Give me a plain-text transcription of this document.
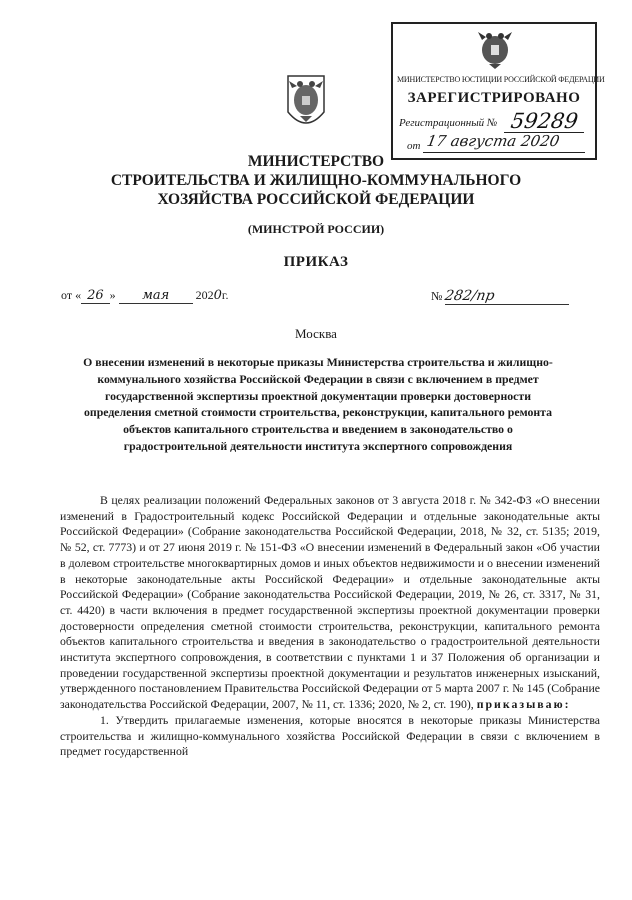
МИНИСТЕРСТВО ЮСТИЦИИ РОССИЙСКОЙ ФЕДЕРАЦИИ
ЗАРЕГИСТРИРОВАНО
Регистрационный № 59289
от 17 августа 2020
МИНИСТЕРСТВО
СТРОИТЕЛЬСТВА И ЖИЛИЩНО-КОММУНАЛЬНОГО
ХОЗЯЙСТВА РОССИЙСКОЙ ФЕДЕРАЦИИ
(МИНСТРОЙ РОССИИ)
ПРИКАЗ
от « 26 » мая 2020г.	№ 282/пр
Москва
О внесении изменений в некоторые приказы Министерства строительства и жилищно-коммунального хозяйства Российской Федерации в связи с включением в предмет государственной экспертизы проектной документации проверки достоверности определения сметной стоимости строительства, реконструкции, капитального ремонта объектов капитального строительства и введением в законодательство о градостроительной деятельности института экспертного сопровождения

В целях реализации положений Федеральных законов от 3 августа 2018 г. № 342-ФЗ «О внесении изменений в Градостроительный кодекс Российской Федерации и отдельные законодательные акты Российской Федерации» (Собрание законодательства Российской Федерации, 2018, № 32, ст. 5135; 2019, № 52, ст. 7773) и от 27 июня 2019 г. № 151-ФЗ «О внесении изменений в Федеральный закон «Об участии в долевом строительстве многоквартирных домов и иных объектов недвижимости и о внесении изменений в некоторые законодательные акты Российской Федерации» и отдельные законодательные акты Российской Федерации» (Собрание законодательства Российской Федерации, 2019, № 26, ст. 3317, № 31, ст. 4420) в части включения в предмет государственной экспертизы проектной документации проверки достоверности определения сметной стоимости строительства, реконструкции, капитального ремонта объектов капитального строительства и введения в законодательство о градостроительной деятельности института экспертного сопровождения, в соответствии с пунктами 1 и 37 Положения об организации и проведении государственной экспертизы проектной документации и результатов инженерных изысканий, утвержденного постановлением Правительства Российской Федерации от 5 марта 2007 г. № 145 (Собрание законодательства Российской Федерации, 2007, № 11, ст. 1336; 2020, № 2, ст. 190), приказываю:

1. Утвердить прилагаемые изменения, которые вносятся в некоторые приказы Министерства строительства и жилищно-коммунального хозяйства Российской Федерации в связи с включением в предмет государственной
